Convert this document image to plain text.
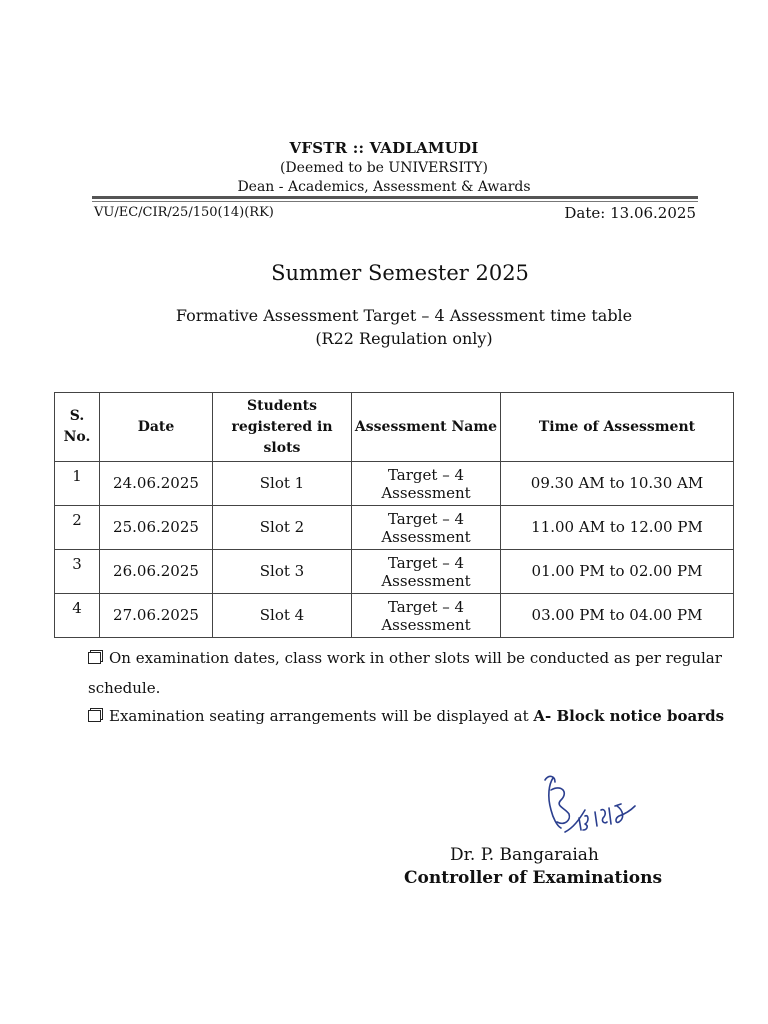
VFSTR :: VADLAMUDI
(Deemed to be UNIVERSITY)
Dean - Academics, Assessment & Awards
VU/EC/CIR/25/150(14)(RK)	Date: 13.06.2025
Summer Semester 2025
Formative Assessment Target – 4 Assessment time table
(R22 Regulation only)
S. No.	Date	Students registered in slots	Assessment Name	Time of Assessment
1	24.06.2025	Slot 1	Target – 4 Assessment	09.30 AM to 10.30 AM
2	25.06.2025	Slot 2	Target – 4 Assessment	11.00 AM to 12.00 PM
3	26.06.2025	Slot 3	Target – 4 Assessment	01.00 PM to 02.00 PM
4	27.06.2025	Slot 4	Target – 4 Assessment	03.00 PM to 04.00 PM
On examination dates, class work in other slots will be conducted as per regular schedule.
Examination seating arrangements will be displayed at A- Block notice boards
Dr. P. Bangaraiah
Controller of Examinations
